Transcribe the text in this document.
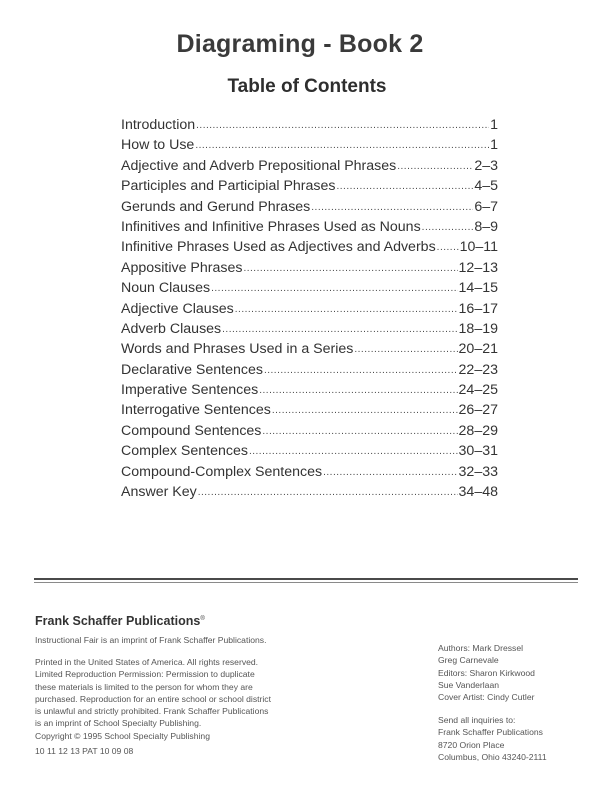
Diagraming - Book 2
Table of Contents
Introduction .....	1
How to Use .....	1
Adjective and Adverb Prepositional Phrases .....	2–3
Participles and Participial Phrases .....	4–5
Gerunds and Gerund Phrases .....	6–7
Infinitives and Infinitive Phrases Used as Nouns .....	8–9
Infinitive Phrases Used as Adjectives and Adverbs ..... 10–11
Appositive Phrases .....	12–13
Noun Clauses .....	14–15
Adjective Clauses .....	16–17
Adverb Clauses .....	18–19
Words and Phrases Used in a Series .....	20–21
Declarative Sentences .....	22–23
Imperative Sentences .....	24–25
Interrogative Sentences .....	26–27
Compound Sentences .....	28–29
Complex Sentences .....	30–31
Compound-Complex Sentences .....	32–33
Answer Key .....	34–48
Frank Schaffer Publications®
Instructional Fair is an imprint of Frank Schaffer Publications.
Printed in the United States of America. All rights reserved.
Limited Reproduction Permission: Permission to duplicate
these materials is limited to the person for whom they are
purchased. Reproduction for an entire school or school district
is unlawful and strictly prohibited. Frank Schaffer Publications
is an imprint of School Specialty Publishing.
Copyright © 1995 School Specialty Publishing
10 11 12 13 PAT 10 09 08
Authors: Mark Dressel
Greg Carnevale
Editors: Sharon Kirkwood
Sue Vanderlaan
Cover Artist: Cindy Cutler
Send all inquiries to:
Frank Schaffer Publications
8720 Orion Place
Columbus, Ohio 43240-2111
